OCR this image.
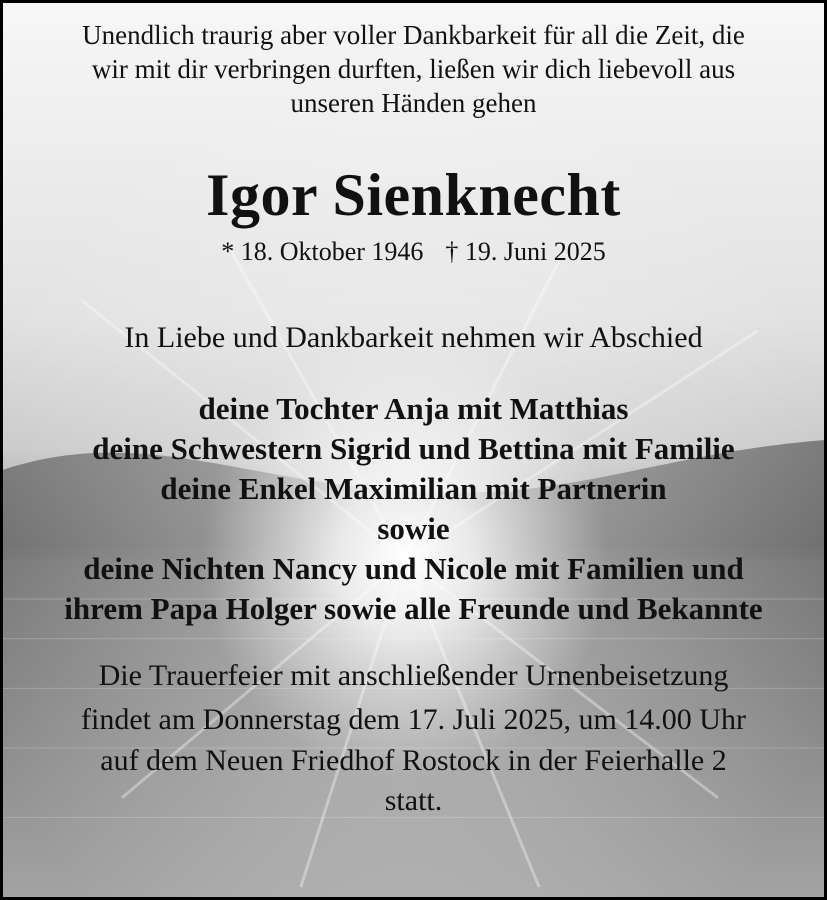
Unendlich traurig aber voller Dankbarkeit für all die Zeit, die
wir mit dir verbringen durften, ließen wir dich liebevoll aus
unseren Händen gehen
Igor Sienknecht
* 18. Oktober 1946 † 19. Juni 2025
In Liebe und Dankbarkeit nehmen wir Abschied
deine Tochter Anja mit Matthias
deine Schwestern Sigrid und Bettina mit Familie
deine Enkel Maximilian mit Partnerin
sowie
deine Nichten Nancy und Nicole mit Familien und
ihrem Papa Holger sowie alle Freunde und Bekannte
Die Trauerfeier mit anschließender Urnenbeisetzung
findet am Donnerstag dem 17. Juli 2025, um 14.00 Uhr
auf dem Neuen Friedhof Rostock in der Feierhalle 2
statt.
